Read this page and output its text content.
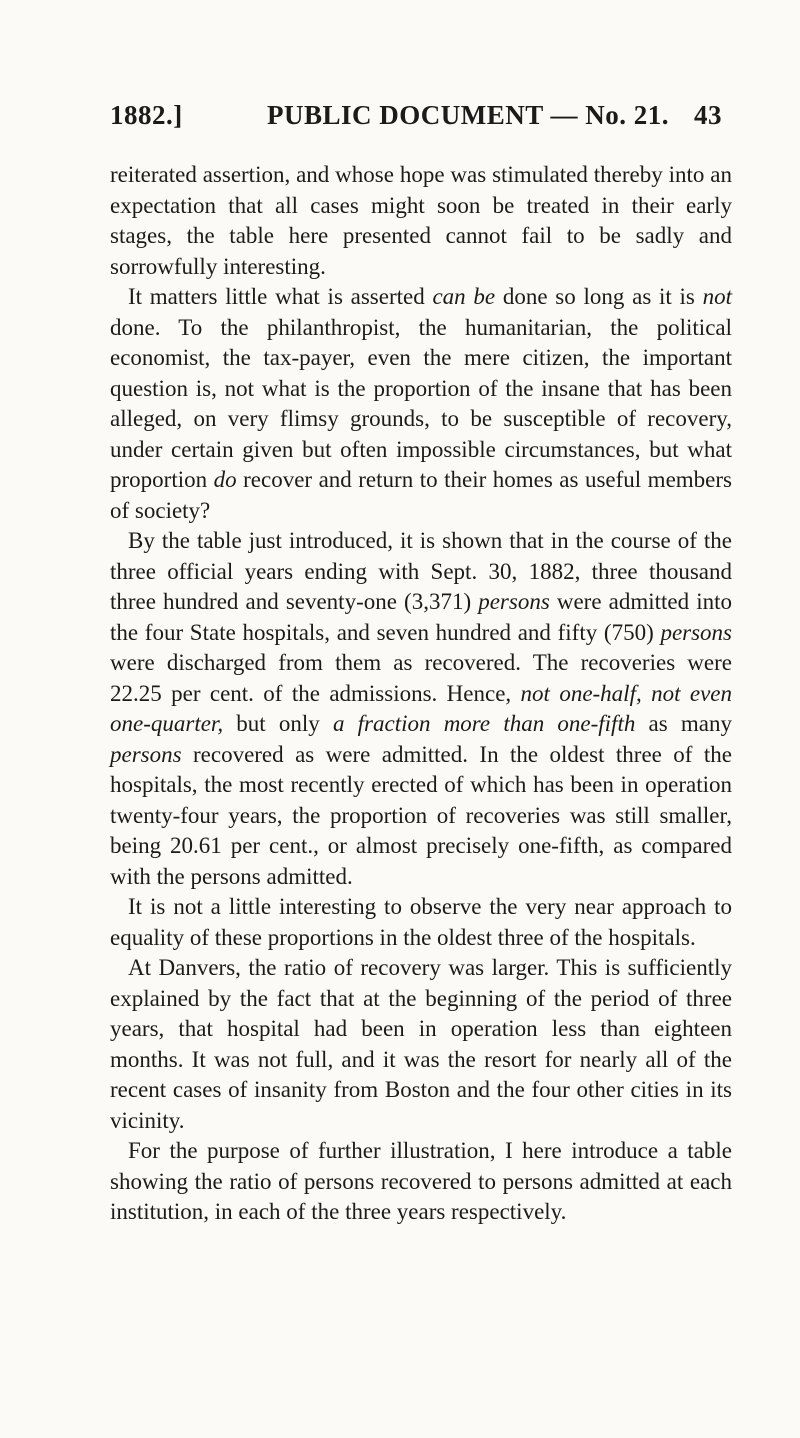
1882.]	PUBLIC DOCUMENT — No. 21. 43

reiterated assertion, and whose hope was stimulated thereby into an expectation that all cases might soon be treated in their early stages, the table here presented cannot fail to be sadly and sorrowfully interesting.

It matters little what is asserted can be done so long as it is not done. To the philanthropist, the humanitarian, the political economist, the tax-payer, even the mere citizen, the important question is, not what is the proportion of the insane that has been alleged, on very flimsy grounds, to be susceptible of recovery, under certain given but often impossible circumstances, but what proportion do recover and return to their homes as useful members of society?

By the table just introduced, it is shown that in the course of the three official years ending with Sept. 30, 1882, three thousand three hundred and seventy-one (3,371) persons were admitted into the four State hospitals, and seven hundred and fifty (750) persons were discharged from them as recovered. The recoveries were 22.25 per cent. of the admissions. Hence, not one-half, not even one-quarter, but only a fraction more than one-fifth as many persons recovered as were admitted. In the oldest three of the hospitals, the most recently erected of which has been in operation twenty-four years, the proportion of recoveries was still smaller, being 20.61 per cent., or almost precisely one-fifth, as compared with the persons admitted.

It is not a little interesting to observe the very near approach to equality of these proportions in the oldest three of the hospitals.

At Danvers, the ratio of recovery was larger. This is sufficiently explained by the fact that at the beginning of the period of three years, that hospital had been in operation less than eighteen months. It was not full, and it was the resort for nearly all of the recent cases of insanity from Boston and the four other cities in its vicinity.

For the purpose of further illustration, I here introduce a table showing the ratio of persons recovered to persons admitted at each institution, in each of the three years respectively.
